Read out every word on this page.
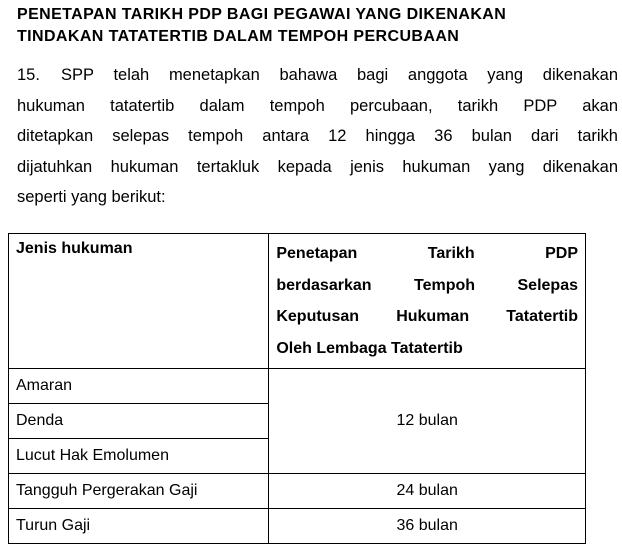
PENETAPAN TARIKH PDP BAGI PEGAWAI YANG DIKENAKAN
TINDAKAN TATATERTIB DALAM TEMPOH PERCUBAAN
15. SPP telah menetapkan bahawa bagi anggota yang dikenakan
hukuman tatatertib dalam tempoh percubaan, tarikh PDP akan
ditetapkan selepas tempoh antara 12 hingga 36 bulan dari tarikh
dijatuhkan hukuman tertakluk kepada jenis hukuman yang dikenakan
seperti yang berikut:
Jenis hukuman	Penetapan Tarikh PDP
berdasarkan Tempoh Selepas
Keputusan Hukuman Tatatertib
Oleh Lembaga Tatatertib

Amaran	12 bulan
Denda	
Lucut Hak Emolumen	
Tangguh Pergerakan Gaji	24 bulan
Turun Gaji	36 bulan
